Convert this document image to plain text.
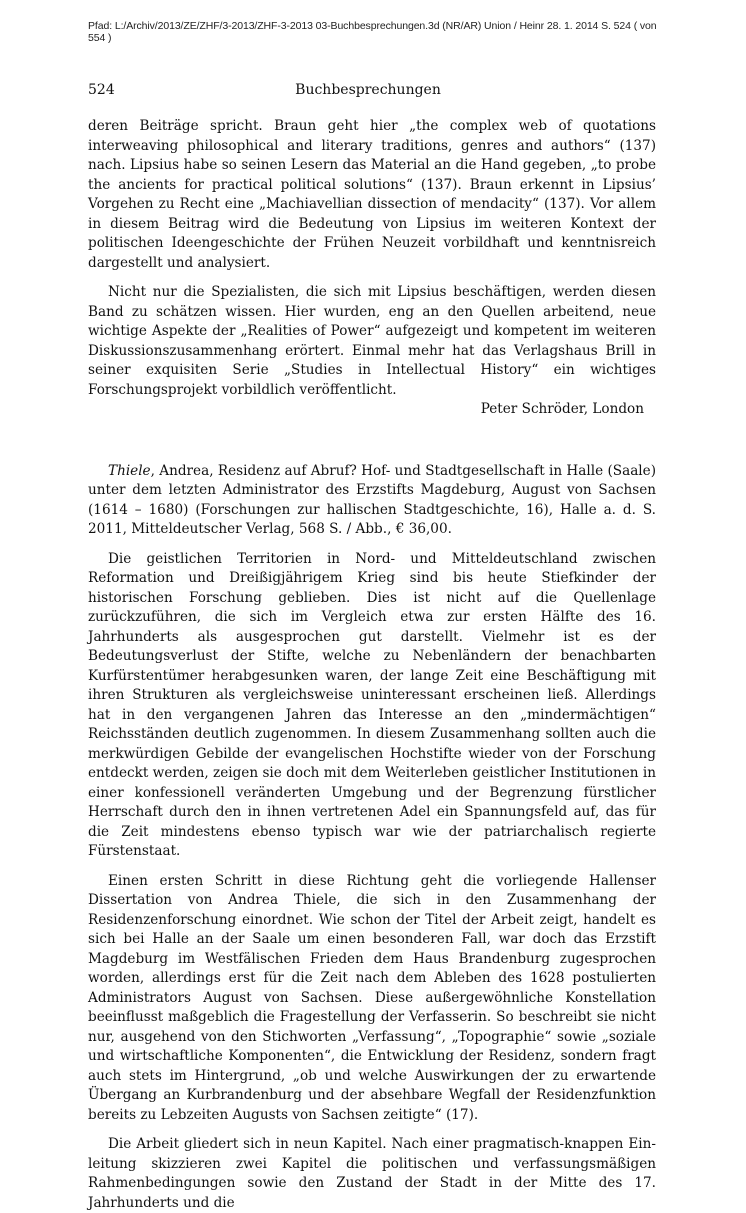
Pfad: L:/Archiv/2013/ZE/ZHF/3-2013/ZHF-3-2013 03-Buchbesprechungen.3d (NR/AR) Union / Heinr 28. 1. 2014 S. 524 ( von 554 )
524	Buchbesprechungen

deren Beiträge spricht. Braun geht hier „the complex web of quotations interweaving philosophical and literary traditions, genres and authors“ (137) nach. Lipsius habe so seinen Lesern das Material an die Hand gegeben, „to probe the ancients for practical political solutions“ (137). Braun erkennt in Lipsius’ Vorgehen zu Recht eine „Machiavellian dissection of mendacity“ (137). Vor allem in diesem Beitrag wird die Bedeutung von Lipsius im weiteren Kontext der politischen Ideengeschichte der Frühen Neuzeit vorbildhaft und kenntnisreich dargestellt und analysiert.

Nicht nur die Spezialisten, die sich mit Lipsius beschäftigen, werden diesen Band zu schätzen wissen. Hier wurden, eng an den Quellen arbeitend, neue wichtige Aspekte der „Realities of Power“ aufgezeigt und kompetent im weiteren Diskussionszusammenhang erörtert. Einmal mehr hat das Verlagshaus Brill in seiner exquisiten Serie „Studies in Intellectual History“ ein wichtiges Forschungsprojekt vorbildlich veröffentlicht.

Peter Schröder, London

Thiele, Andrea, Residenz auf Abruf? Hof- und Stadtgesellschaft in Halle (Saale) unter dem letzten Administrator des Erzstifts Magdeburg, August von Sachsen (1614 – 1680) (Forschungen zur hallischen Stadtgeschichte, 16), Halle a. d. S. 2011, Mitteldeutscher Verlag, 568 S. / Abb., € 36,00.

Die geistlichen Territorien in Nord- und Mitteldeutschland zwischen Reformation und Dreißigjährigem Krieg sind bis heute Stiefkinder der historischen Forschung geblieben. Dies ist nicht auf die Quellenlage zurückzuführen, die sich im Vergleich etwa zur ersten Hälfte des 16. Jahrhunderts als ausgesprochen gut darstellt. Vielmehr ist es der Bedeutungsverlust der Stifte, welche zu Nebenländern der benachbarten Kurfürstentümer herabgesunken waren, der lange Zeit eine Beschäftigung mit ihren Strukturen als vergleichsweise uninteressant erscheinen ließ. Allerdings hat in den vergangenen Jahren das Interesse an den „mindermächtigen“ Reichsständen deutlich zugenommen. In diesem Zusammenhang sollten auch die merkwürdigen Gebilde der evangelischen Hochstifte wieder von der Forschung entdeckt werden, zeigen sie doch mit dem Weiterleben geistlicher Institutionen in einer konfessionell veränderten Umgebung und der Begrenzung fürstlicher Herrschaft durch den in ihnen vertretenen Adel ein Spannungsfeld auf, das für die Zeit mindestens ebenso typisch war wie der patriarchalisch regierte Fürstenstaat.

Einen ersten Schritt in diese Richtung geht die vorliegende Hallenser Dissertation von Andrea Thiele, die sich in den Zusammenhang der Residenzenforschung einordnet. Wie schon der Titel der Arbeit zeigt, handelt es sich bei Halle an der Saale um einen besonderen Fall, war doch das Erzstift Magdeburg im Westfälischen Frieden dem Haus Brandenburg zugesprochen worden, allerdings erst für die Zeit nach dem Ableben des 1628 postulierten Administrators August von Sachsen. Diese außergewöhnliche Konstellation beeinflusst maßgeblich die Fragestellung der Verfasserin. So beschreibt sie nicht nur, ausgehend von den Stichworten „Verfassung“, „Topographie“ sowie „soziale und wirtschaftliche Komponenten“, die Entwicklung der Residenz, sondern fragt auch stets im Hintergrund, „ob und welche Auswirkungen der zu erwartende Übergang an Kurbrandenburg und der absehbare Wegfall der Residenzfunktion bereits zu Lebzeiten Augusts von Sachsen zeitigte“ (17).

Die Arbeit gliedert sich in neun Kapitel. Nach einer pragmatisch-knappen Einleitung skizzieren zwei Kapitel die politischen und verfassungsmäßigen Rahmenbedingungen sowie den Zustand der Stadt in der Mitte des 17. Jahrhunderts und die
